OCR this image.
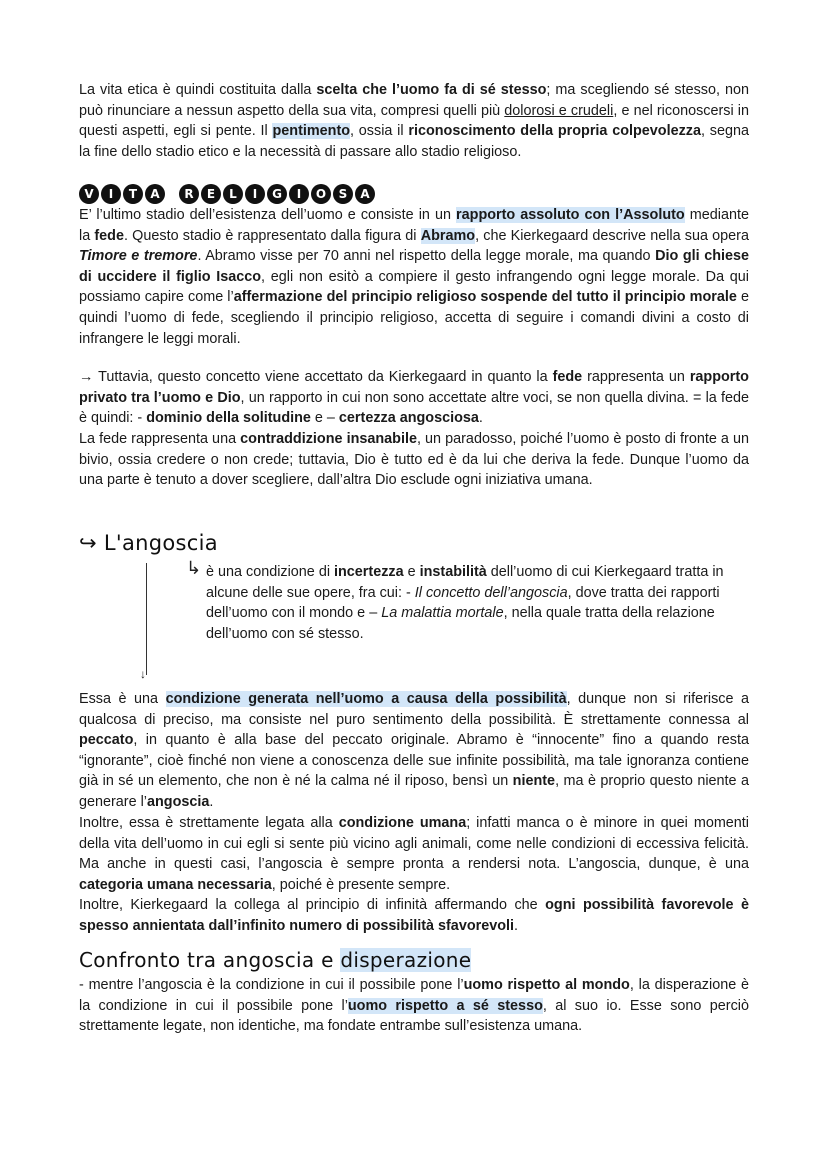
La vita etica è quindi costituita dalla scelta che l’uomo fa di sé stesso; ma scegliendo sé stesso, non può rinunciare a nessun aspetto della sua vita, compresi quelli più dolorosi e crudeli, e nel riconoscersi in questi aspetti, egli si pente. Il pentimento, ossia il riconoscimento della propria colpevolezza, segna la fine dello stadio etico e la necessità di passare allo stadio religioso.

V	I	T	A	R	E	L	I	G	I	O	S	A

E’ l’ultimo stadio dell’esistenza dell’uomo e consiste in un rapporto assoluto con l’Assoluto mediante la fede. Questo stadio è rappresentato dalla figura di Abramo, che Kierkegaard descrive nella sua opera Timore e tremore. Abramo visse per 70 anni nel rispetto della legge morale, ma quando Dio gli chiese di uccidere il figlio Isacco, egli non esitò a compiere il gesto infrangendo ogni legge morale. Da qui possiamo capire come l’affermazione del principio religioso sospende del tutto il principio morale e quindi l’uomo di fede, scegliendo il principio religioso, accetta di seguire i comandi divini a costo di infrangere le leggi morali.

→ Tuttavia, questo concetto viene accettato da Kierkegaard in quanto la fede rappresenta un rapporto privato tra l’uomo e Dio, un rapporto in cui non sono accettate altre voci, se non quella divina. = la fede è quindi: - dominio della solitudine e – certezza angosciosa.

La fede rappresenta una contraddizione insanabile, un paradosso, poiché l’uomo è posto di fronte a un bivio, ossia credere o non crede; tuttavia, Dio è tutto ed è da lui che deriva la fede. Dunque l’uomo da una parte è tenuto a dover scegliere, dall’altra Dio esclude ogni iniziativa umana.

↪ L'angoscia
↓
↳ è una condizione di incertezza e instabilità dell’uomo di cui Kierkegaard tratta in alcune delle sue opere, fra cui: - Il concetto dell’angoscia, dove tratta dei rapporti dell’uomo con il mondo e – La malattia mortale, nella quale tratta della relazione dell’uomo con sé stesso.

Essa è una condizione generata nell’uomo a causa della possibilità, dunque non si riferisce a qualcosa di preciso, ma consiste nel puro sentimento della possibilità. È strettamente connessa al peccato, in quanto è alla base del peccato originale. Abramo è “innocente” fino a quando resta “ignorante”, cioè finché non viene a conoscenza delle sue infinite possibilità, ma tale ignoranza contiene già in sé un elemento, che non è né la calma né il riposo, bensì un niente, ma è proprio questo niente a generare l’angoscia.

Inoltre, essa è strettamente legata alla condizione umana; infatti manca o è minore in quei momenti della vita dell’uomo in cui egli si sente più vicino agli animali, come nelle condizioni di eccessiva felicità. Ma anche in questi casi, l’angoscia è sempre pronta a rendersi nota. L’angoscia, dunque, è una categoria umana necessaria, poiché è presente sempre.

Inoltre, Kierkegaard la collega al principio di infinità affermando che ogni possibilità favorevole è spesso annientata dall’infinito numero di possibilità sfavorevoli.

Confronto tra angoscia e disperazione

- mentre l’angoscia è la condizione in cui il possibile pone l’uomo rispetto al mondo, la disperazione è la condizione in cui il possibile pone l’uomo rispetto a sé stesso, al suo io. Esse sono perciò strettamente legate, non identiche, ma fondate entrambe sull’esistenza umana.
